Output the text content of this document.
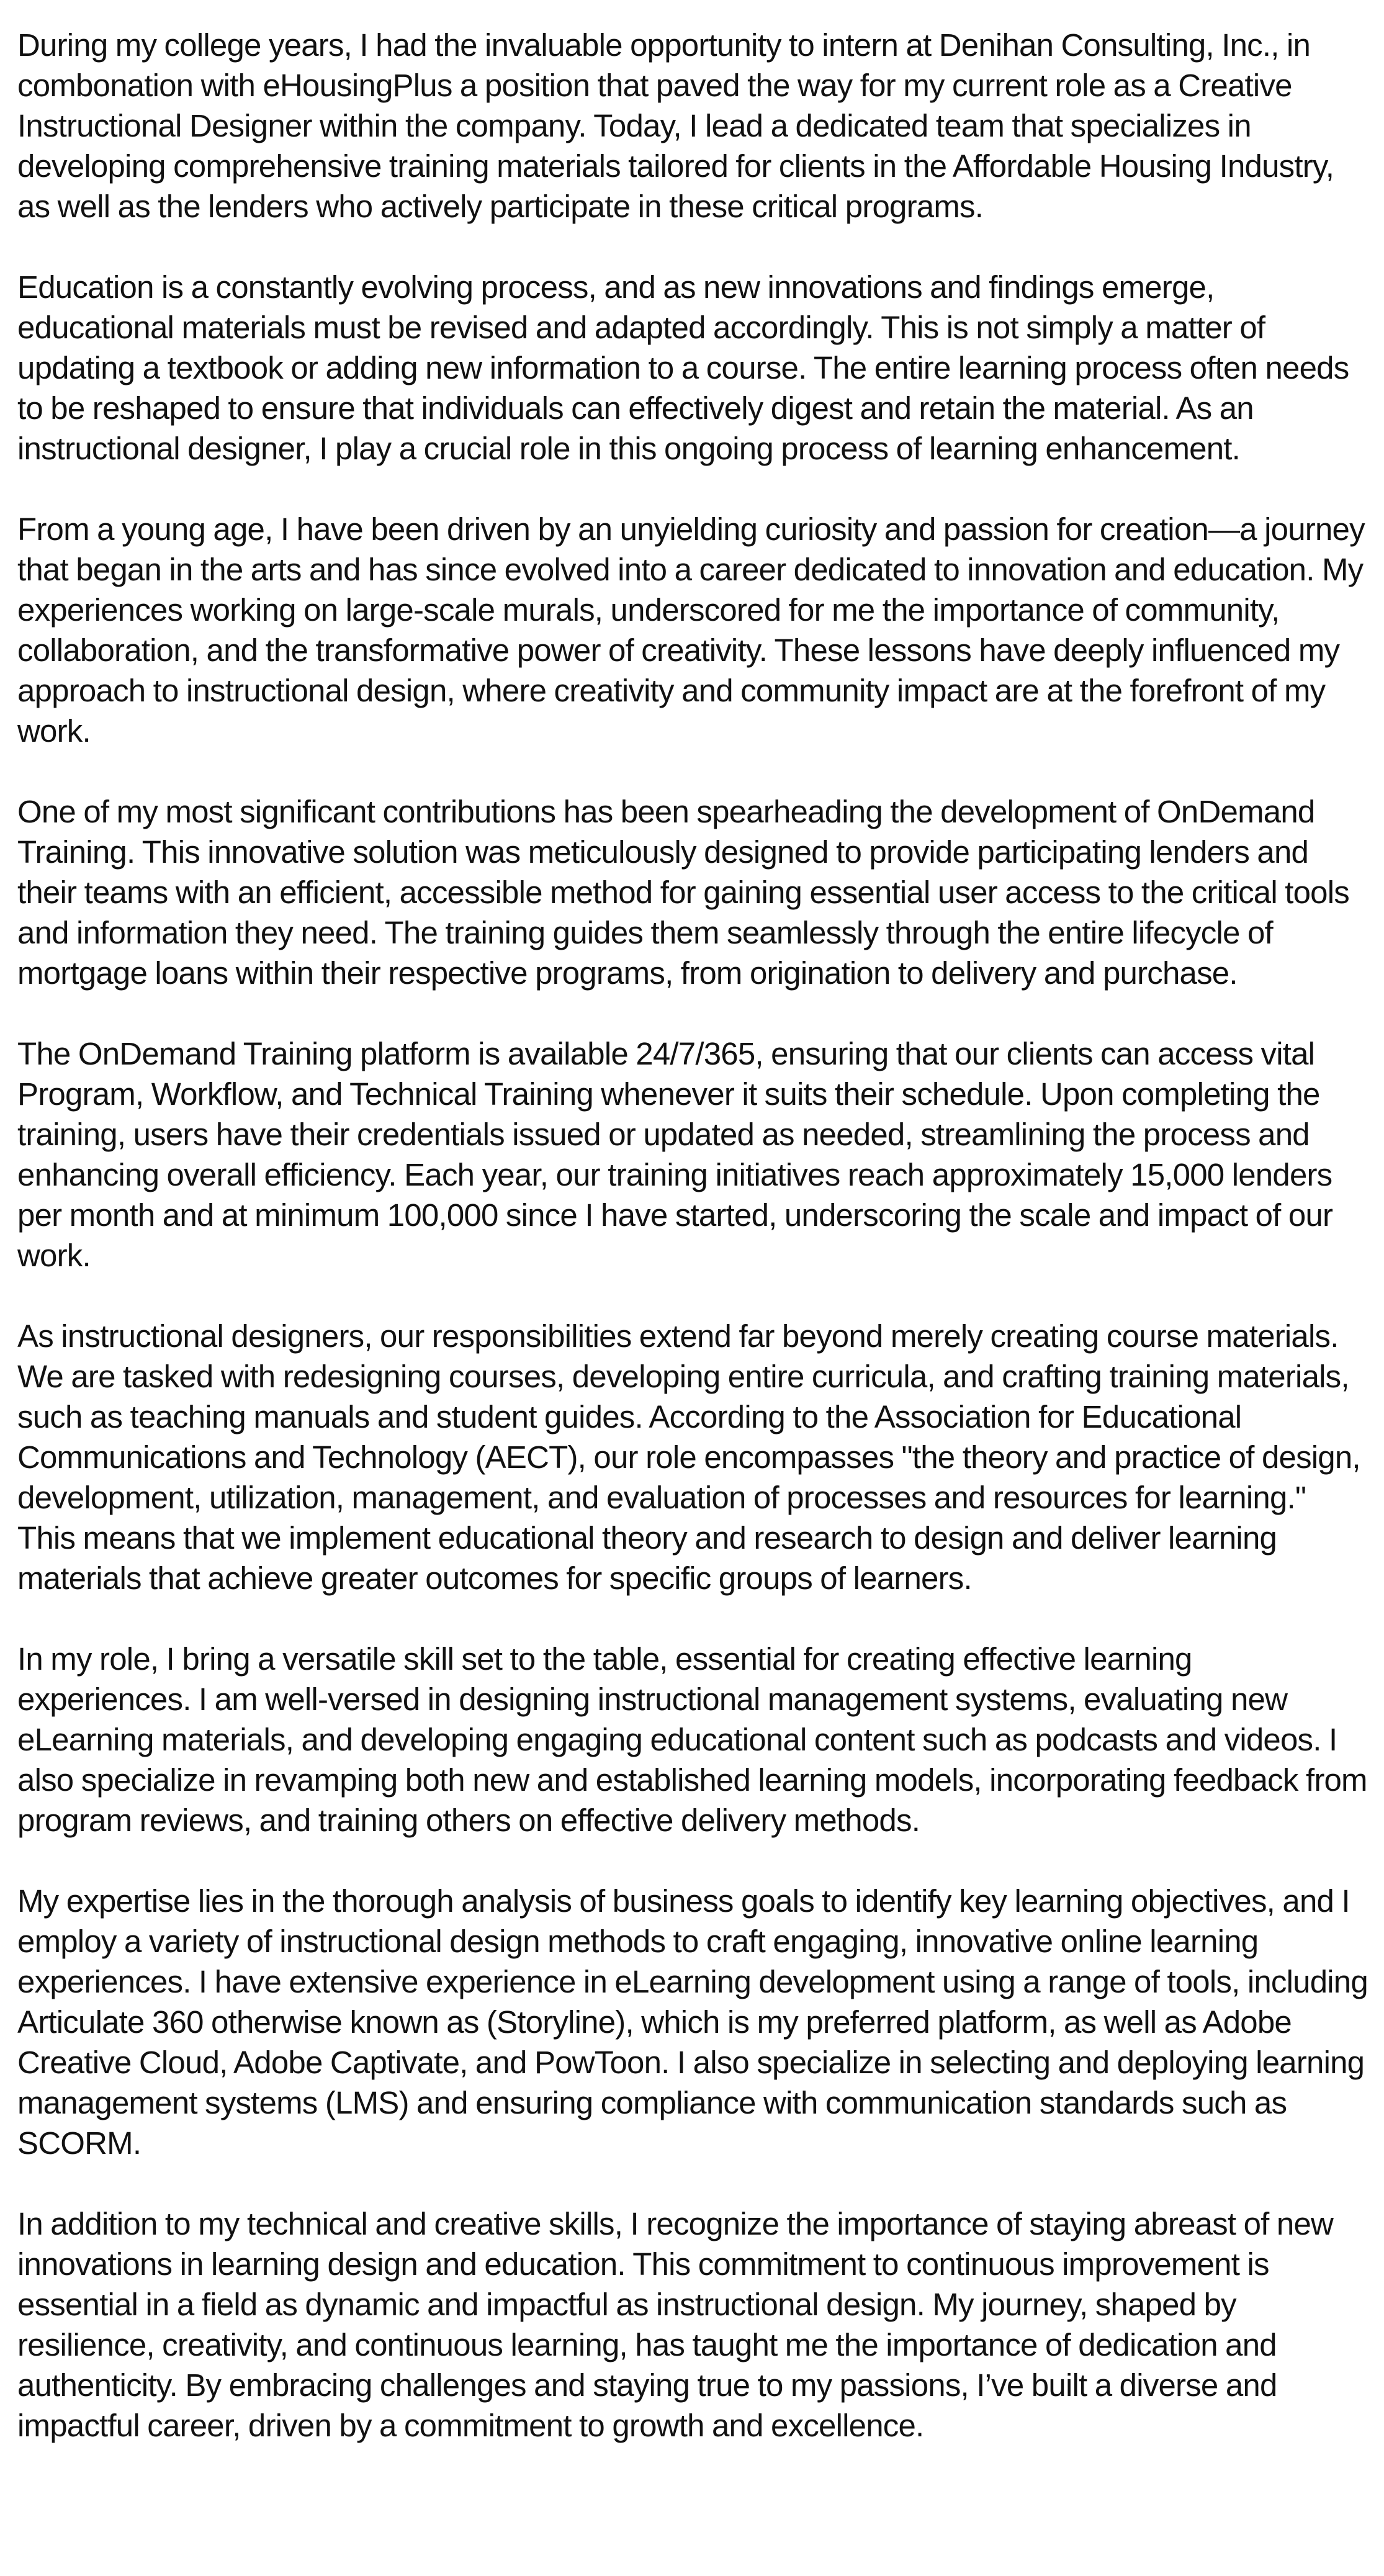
During my college years, I had the invaluable opportunity to intern at Denihan Consulting, Inc., in combonation with eHousingPlus a position that paved the way for my current role as a Creative Instructional Designer within the company. Today, I lead a dedicated team that specializes in developing comprehensive training materials tailored for clients in the Affordable Housing Industry, as well as the lenders who actively participate in these critical programs.

Education is a constantly evolving process, and as new innovations and findings emerge, educational materials must be revised and adapted accordingly. This is not simply a matter of updating a textbook or adding new information to a course. The entire learning process often needs to be reshaped to ensure that individuals can effectively digest and retain the material. As an instructional designer, I play a crucial role in this ongoing process of learning enhancement.

From a young age, I have been driven by an unyielding curiosity and passion for creation—a journey that began in the arts and has since evolved into a career dedicated to innovation and education. My experiences working on large-scale murals, underscored for me the importance of community, collaboration, and the transformative power of creativity. These lessons have deeply influenced my approach to instructional design, where creativity and community impact are at the forefront of my work.

One of my most significant contributions has been spearheading the development of OnDemand Training. This innovative solution was meticulously designed to provide participating lenders and their teams with an efficient, accessible method for gaining essential user access to the critical tools and information they need. The training guides them seamlessly through the entire lifecycle of mortgage loans within their respective programs, from origination to delivery and purchase.

The OnDemand Training platform is available 24/7/365, ensuring that our clients can access vital Program, Workflow, and Technical Training whenever it suits their schedule. Upon completing the training, users have their credentials issued or updated as needed, streamlining the process and enhancing overall efficiency. Each year, our training initiatives reach approximately 15,000 lenders per month and at minimum 100,000 since I have started, underscoring the scale and impact of our work.

As instructional designers, our responsibilities extend far beyond merely creating course materials. We are tasked with redesigning courses, developing entire curricula, and crafting training materials, such as teaching manuals and student guides. According to the Association for Educational Communications and Technology (AECT), our role encompasses "the theory and practice of design, development, utilization, management, and evaluation of processes and resources for learning." This means that we implement educational theory and research to design and deliver learning materials that achieve greater outcomes for specific groups of learners.

In my role, I bring a versatile skill set to the table, essential for creating effective learning experiences. I am well-versed in designing instructional management systems, evaluating new eLearning materials, and developing engaging educational content such as podcasts and videos. I also specialize in revamping both new and established learning models, incorporating feedback from program reviews, and training others on effective delivery methods.

My expertise lies in the thorough analysis of business goals to identify key learning objectives, and I employ a variety of instructional design methods to craft engaging, innovative online learning experiences. I have extensive experience in eLearning development using a range of tools, including Articulate 360 otherwise known as (Storyline), which is my preferred platform, as well as Adobe Creative Cloud, Adobe Captivate, and PowToon. I also specialize in selecting and deploying learning management systems (LMS) and ensuring compliance with communication standards such as SCORM.

In addition to my technical and creative skills, I recognize the importance of staying abreast of new innovations in learning design and education. This commitment to continuous improvement is essential in a field as dynamic and impactful as instructional design. My journey, shaped by resilience, creativity, and continuous learning, has taught me the importance of dedication and authenticity. By embracing challenges and staying true to my passions, I’ve built a diverse and impactful career, driven by a commitment to growth and excellence.
